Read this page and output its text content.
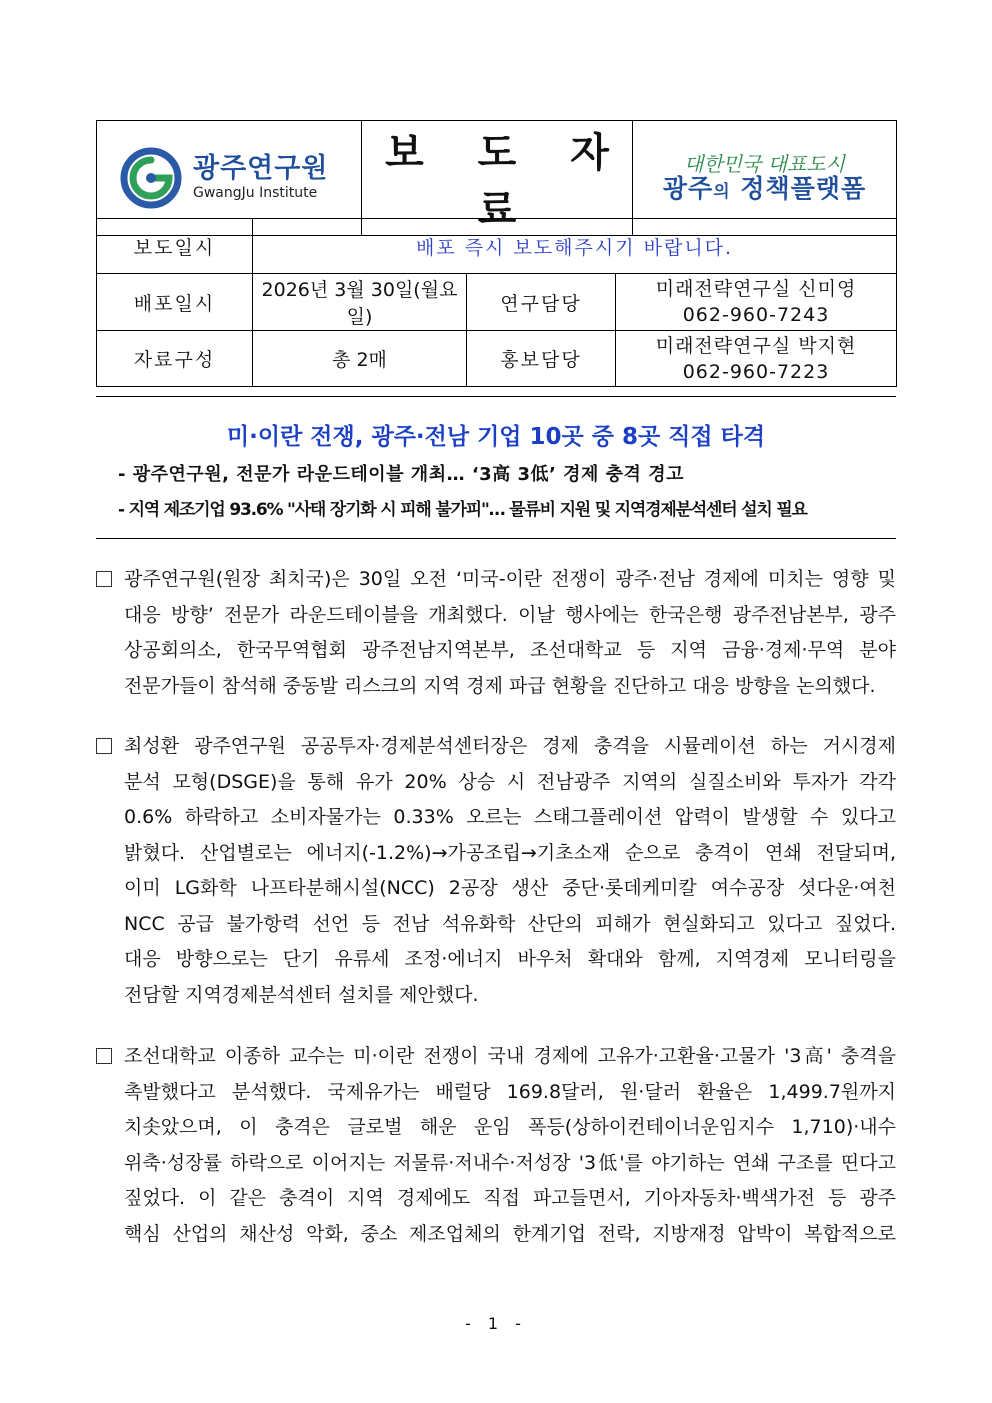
광주연구원
GwangJu Institute
	보 도 자 료	
대한민국 대표도시
광주의 정책플랫폼
보도일시	배포 즉시 보도해주시기 바랍니다.		
배포일시	2026년 3월 30일(월요일)	연구담당	미래전략연구실 신미영
062-960-7243

자료구성	총 2매	홍보담당	미래전략연구실 박지현
062-960-7223
미·이란 전쟁, 광주·전남 기업 10곳 중 8곳 직접 타격
- 광주연구원, 전문가 라운드테이블 개최… ‘3高 3低’ 경제 충격 경고
- 지역 제조기업 93.6% "사태 장기화 시 피해 불가피"… 물류비 지원 및 지역경제분석센터 설치 필요
광주연구원(원장 최치국)은 30일 오전 ‘미국-이란 전쟁이 광주·전남 경제에 미치는 영향 및
대응 방향’ 전문가 라운드테이블을 개최했다. 이날 행사에는 한국은행 광주전남본부, 광주
상공회의소, 한국무역협회 광주전남지역본부, 조선대학교 등 지역 금융·경제·무역 분야
전문가들이 참석해 중동발 리스크의 지역 경제 파급 현황을 진단하고 대응 방향을 논의했다.
최성환 광주연구원 공공투자·경제분석센터장은 경제 충격을 시뮬레이션 하는 거시경제
분석 모형(DSGE)을 통해 유가 20% 상승 시 전남광주 지역의 실질소비와 투자가 각각
0.6% 하락하고 소비자물가는 0.33% 오르는 스태그플레이션 압력이 발생할 수 있다고
밝혔다. 산업별로는 에너지(-1.2%)→가공조립→기초소재 순으로 충격이 연쇄 전달되며,
이미 LG화학 나프타분해시설(NCC) 2공장 생산 중단·롯데케미칼 여수공장 셧다운·여천
NCC 공급 불가항력 선언 등 전남 석유화학 산단의 피해가 현실화되고 있다고 짚었다.
대응 방향으로는 단기 유류세 조정·에너지 바우처 확대와 함께, 지역경제 모니터링을
전담할 지역경제분석센터 설치를 제안했다.
조선대학교 이종하 교수는 미·이란 전쟁이 국내 경제에 고유가·고환율·고물가 '3高' 충격을
촉발했다고 분석했다. 국제유가는 배럴당 169.8달러, 원·달러 환율은 1,499.7원까지
치솟았으며, 이 충격은 글로벌 해운 운임 폭등(상하이컨테이너운임지수 1,710)·내수
위축·성장률 하락으로 이어지는 저물류·저내수·저성장 '3低'를 야기하는 연쇄 구조를 띤다고
짚었다. 이 같은 충격이 지역 경제에도 직접 파고들면서, 기아자동차·백색가전 등 광주
핵심 산업의 채산성 악화, 중소 제조업체의 한계기업 전락, 지방재정 압박이 복합적으로
- 1 -
